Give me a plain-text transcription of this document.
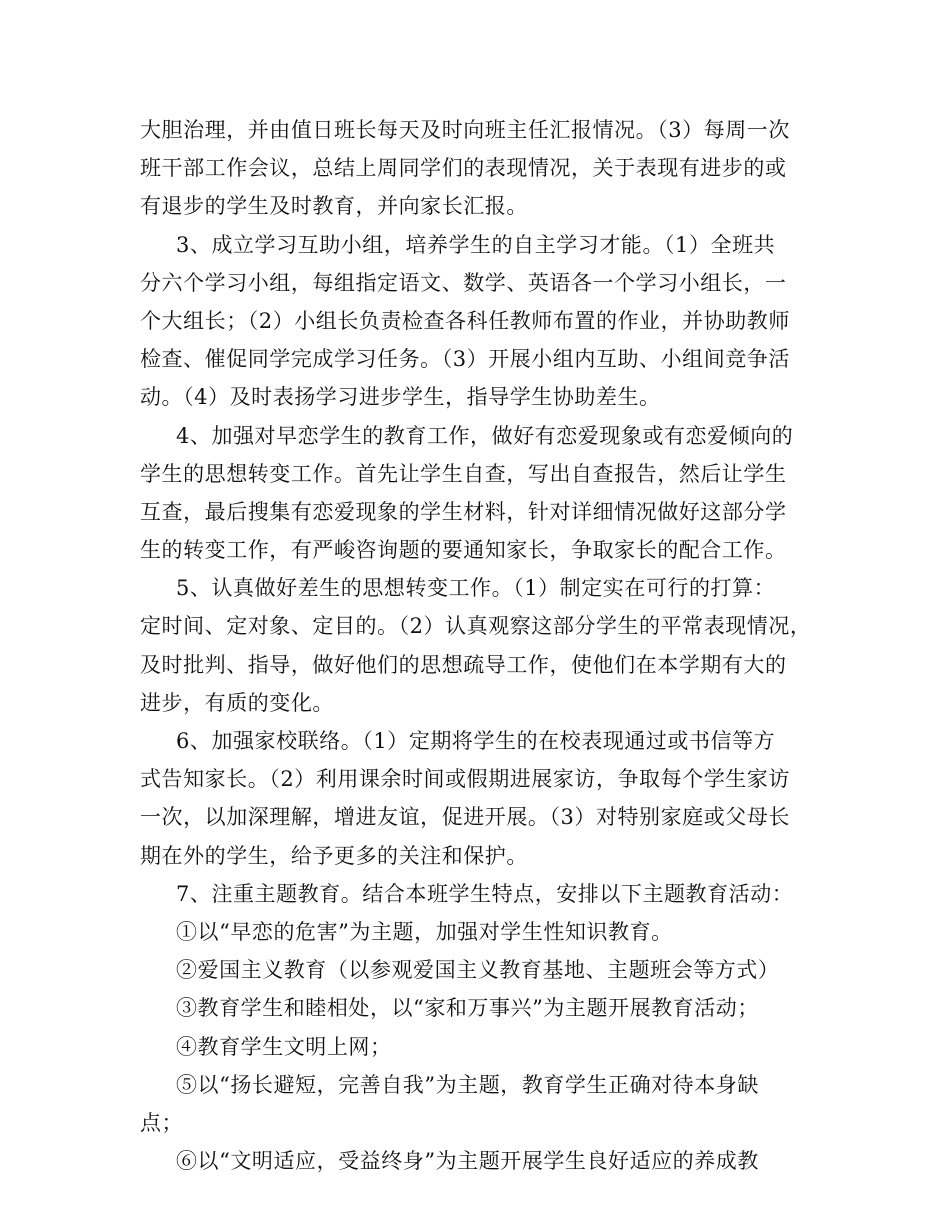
大胆治理，并由值日班长每天及时向班主任汇报情况。（3）每周一次
班干部工作会议，总结上周同学们的表现情况，关于表现有进步的或
有退步的学生及时教育，并向家长汇报。
3、成立学习互助小组，培养学生的自主学习才能。（1）全班共
分六个学习小组，每组指定语文、数学、英语各一个学习小组长，一
个大组长；（2）小组长负责检查各科任教师布置的作业，并协助教师
检查、催促同学完成学习任务。（3）开展小组内互助、小组间竞争活
动。（4）及时表扬学习进步学生，指导学生协助差生。
4、加强对早恋学生的教育工作，做好有恋爱现象或有恋爱倾向的
学生的思想转变工作。首先让学生自查，写出自查报告，然后让学生
互查，最后搜集有恋爱现象的学生材料，针对详细情况做好这部分学
生的转变工作，有严峻咨询题的要通知家长，争取家长的配合工作。
5、认真做好差生的思想转变工作。（1）制定实在可行的打算：
定时间、定对象、定目的。（2）认真观察这部分学生的平常表现情况，
及时批判、指导，做好他们的思想疏导工作，使他们在本学期有大的
进步，有质的变化。
6、加强家校联络。（1）定期将学生的在校表现通过或书信等方
式告知家长。（2）利用课余时间或假期进展家访，争取每个学生家访
一次，以加深理解，增进友谊，促进开展。（3）对特别家庭或父母长
期在外的学生，给予更多的关注和保护。
7、注重主题教育。结合本班学生特点，安排以下主题教育活动：
①以“早恋的危害”为主题，加强对学生性知识教育。
②爱国主义教育（以参观爱国主义教育基地、主题班会等方式）
③教育学生和睦相处，以“家和万事兴”为主题开展教育活动；
④教育学生文明上网；
⑤以“扬长避短，完善自我”为主题，教育学生正确对待本身缺
点；
⑥以“文明适应，受益终身”为主题开展学生良好适应的养成教
